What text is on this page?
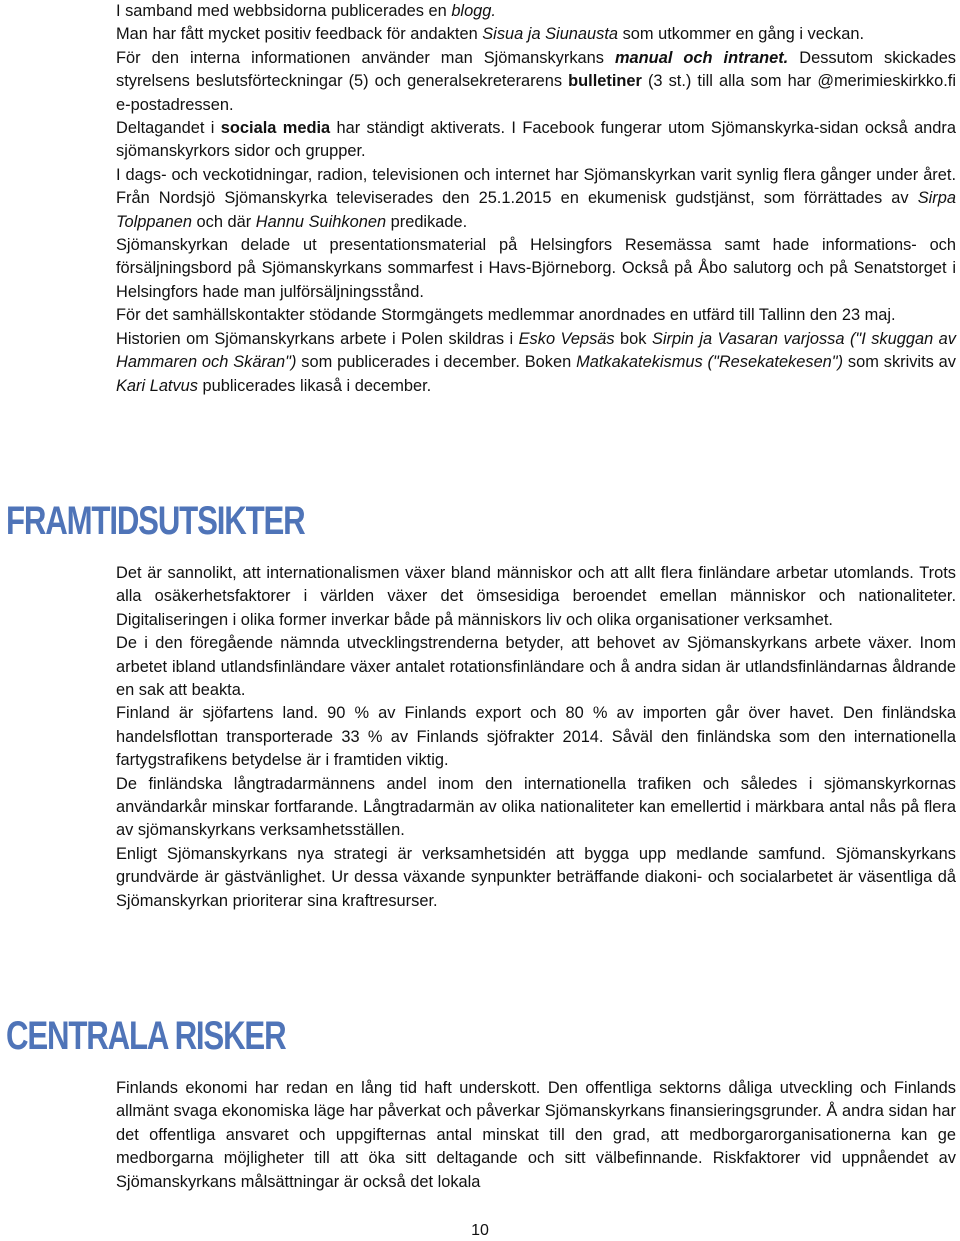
I samband med webbsidorna publicerades en blogg.

Man har fått mycket positiv feedback för andakten Sisua ja Siunausta som utkommer en gång i veckan.

För den interna informationen använder man Sjömanskyrkans manual och intranet. Dessutom skickades styrelsens beslutsförteckningar (5) och generalsekreterarens bulletiner (3 st.) till alla som har @merimieskirkko.fi e-postadressen.

Deltagandet i sociala media har ständigt aktiverats. I Facebook fungerar utom Sjömanskyrka-sidan också andra sjömanskyrkors sidor och grupper.

I dags- och veckotidningar, radion, televisionen och internet har Sjömanskyrkan varit synlig flera gånger under året. Från Nordsjö Sjömanskyrka televiserades den 25.1.2015 en ekumenisk gudstjänst, som förrättades av Sirpa Tolppanen och där Hannu Suihkonen predikade.

Sjömanskyrkan delade ut presentationsmaterial på Helsingfors Resemässa samt hade informations- och försäljningsbord på Sjömanskyrkans sommarfest i Havs-Björneborg. Också på Åbo salutorg och på Senatstorget i Helsingfors hade man julförsäljningsstånd.

För det samhällskontakter stödande Stormgängets medlemmar anordnades en utfärd till Tallinn den 23 maj.

Historien om Sjömanskyrkans arbete i Polen skildras i Esko Vepsäs bok Sirpin ja Vasaran varjossa ("I skuggan av Hammaren och Skäran") som publicerades i december. Boken Matkakatekismus ("Resekatekesen") som skrivits av Kari Latvus publicerades likaså i december.

FRAMTIDSUTSIKTER

Det är sannolikt, att internationalismen växer bland människor och att allt flera finländare arbetar utomlands. Trots alla osäkerhetsfaktorer i världen växer det ömsesidiga beroendet emellan människor och nationaliteter. Digitaliseringen i olika former inverkar både på människors liv och olika organisationer verksamhet.

De i den föregående nämnda utvecklingstrenderna betyder, att behovet av Sjömanskyrkans arbete växer. Inom arbetet ibland utlandsfinländare växer antalet rotationsfinländare och å andra sidan är utlandsfinländarnas åldrande en sak att beakta.

Finland är sjöfartens land. 90 % av Finlands export och 80 % av importen går över havet. Den finländska handelsflottan transporterade 33 % av Finlands sjöfrakter 2014. Såväl den finländska som den internationella fartygstrafikens betydelse är i framtiden viktig.

De finländska långtradarmännens andel inom den internationella trafiken och således i sjömanskyrkornas användarkår minskar fortfarande. Långtradarmän av olika nationaliteter kan emellertid i märkbara antal nås på flera av sjömanskyrkans verksamhetsställen.

Enligt Sjömanskyrkans nya strategi är verksamhetsidén att bygga upp medlande samfund. Sjömanskyrkans grundvärde är gästvänlighet. Ur dessa växande synpunkter beträffande diakoni- och socialarbetet är väsentliga då Sjömanskyrkan prioriterar sina kraftresurser.

CENTRALA RISKER

Finlands ekonomi har redan en lång tid haft underskott. Den offentliga sektorns dåliga utveckling och Finlands allmänt svaga ekonomiska läge har påverkat och påverkar Sjömanskyrkans finansieringsgrunder. Å andra sidan har det offentliga ansvaret och uppgifternas antal minskat till den grad, att medborgarorganisationerna kan ge medborgarna möjligheter till att öka sitt deltagande och sitt välbefinnande. Riskfaktorer vid uppnåendet av Sjömanskyrkans målsättningar är också det lokala

10
